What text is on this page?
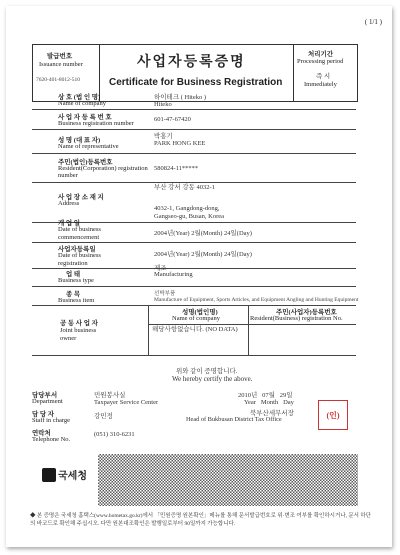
( 1/1 )
발급번호
Issuance number
7620-401-8012-510
사업자등록증명
Certificate for Business Registration
처리기간
Processing period
즉 시
Immediately
상 호 (법 인 명)
Name of company
하이테크 ( Hiteko )
Hiteko
사 업 자 등 록 번 호
Business registration number
601-47-67420
성 명 (대 표 자)
Name of representative
박홍기
PARK HONG KEE
주민(법인)등록번호
Resident(Corporation) registration number
580824-11*****
부산 강서 강동 4032-1
사 업 장 소 재 지
Address
4032-1, Gangdong-dong,
Gangseo-gu, Busan, Korea
개 업 일
Date of business
commencement
2004년(Year) 2월(Month) 24일(Day)
사업자등록일
Date of business
registration
2004년(Year) 2월(Month) 24일(Day)
업 태
Business type
제조
Manufacturing
종 목
Business item
선박부품
Manufacture of Equipment, Sports Articles, and Equipment Angling and Hunting Equipment
공 동 사 업 자
Joint business
owner
성명(법인명)
Name of company
주민(사업자)등록번호
Resident(Business) registration No.
해당사항없습니다. (NO DATA)
위와 같이 증명합니다.
We hereby certify the above.
담당부서
Department
민원봉사실
Taxpayer Service Center
담 당 자
Staff in charge
강민정
연락처
Telephone No.
(051) 310-6231
2010년   07월   29일
Year   Month   Day
북부산세무서장
Head of Bukbusan District Tax Office	(인)
국세청
◆ 본 증명은 국세청 홈택스(www.hometax.go.kr)에서 「민원증명 원본확인」메뉴를 통해 문서발급번호로 위·변조 여부를 확인하시거나, 문서 하단의 바코드로 확인해 주십시오. 다만 원본대조확인은 발행일로부터 90일까지 가능합니다.
